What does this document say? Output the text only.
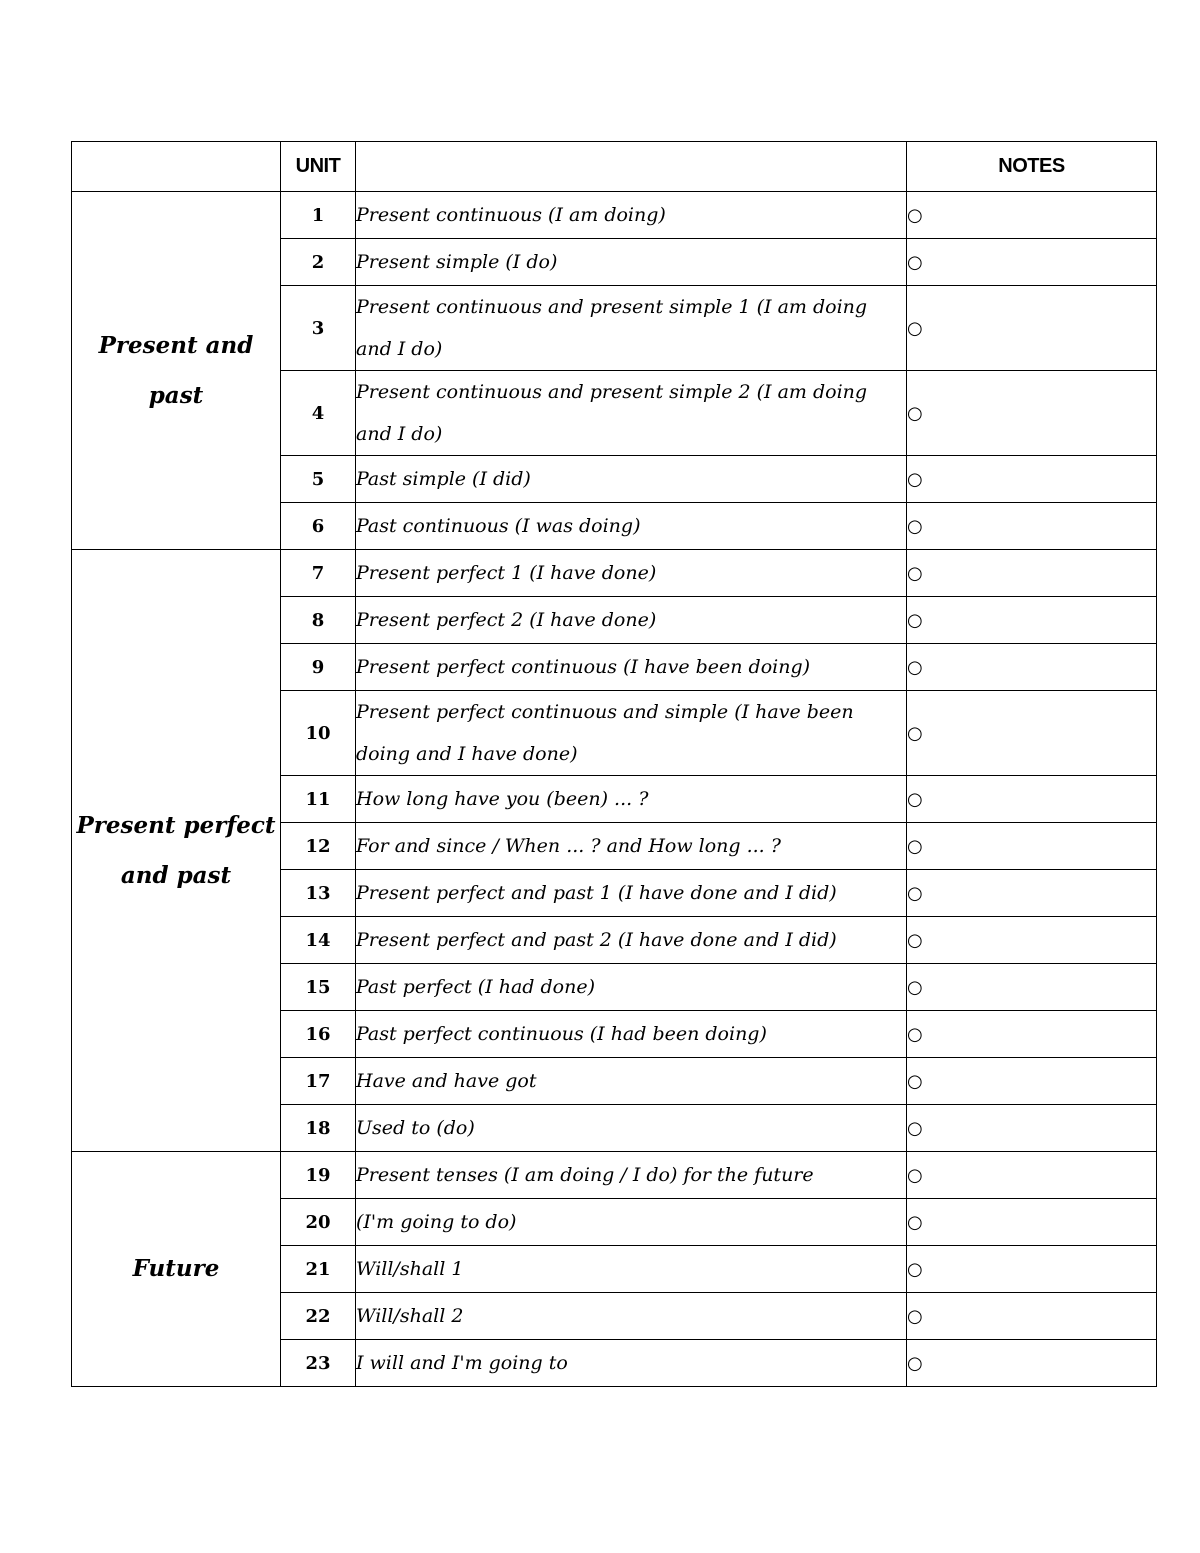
	UNIT		NOTES
Present and past	1	Present continuous (I am doing)	○
	2	Present simple (I do)	○
	3	Present continuous and present simple 1 (I am doing and I do)	○
	4	Present continuous and present simple 2 (I am doing and I do)	○
	5	Past simple (I did)	○
	6	Past continuous (I was doing)	○
Present perfect and past	7	Present perfect 1 (I have done)	○
	8	Present perfect 2 (I have done)	○
	9	Present perfect continuous (I have been doing)	○
	10	Present perfect continuous and simple (I have been doing and I have done)	○
	11	How long have you (been) ... ?	○
	12	For and since / When ... ? and How long ... ?	○
	13	Present perfect and past 1 (I have done and I did)	○
	14	Present perfect and past 2 (I have done and I did)	○
	15	Past perfect (I had done)	○
	16	Past perfect continuous (I had been doing)	○
	17	Have and have got	○
	18	Used to (do)	○
Future	19	Present tenses (I am doing / I do) for the future	○
	20	(I'm going to do)	○
	21	Will/shall 1	○
	22	Will/shall 2	○
	23	I will and I'm going to	○
